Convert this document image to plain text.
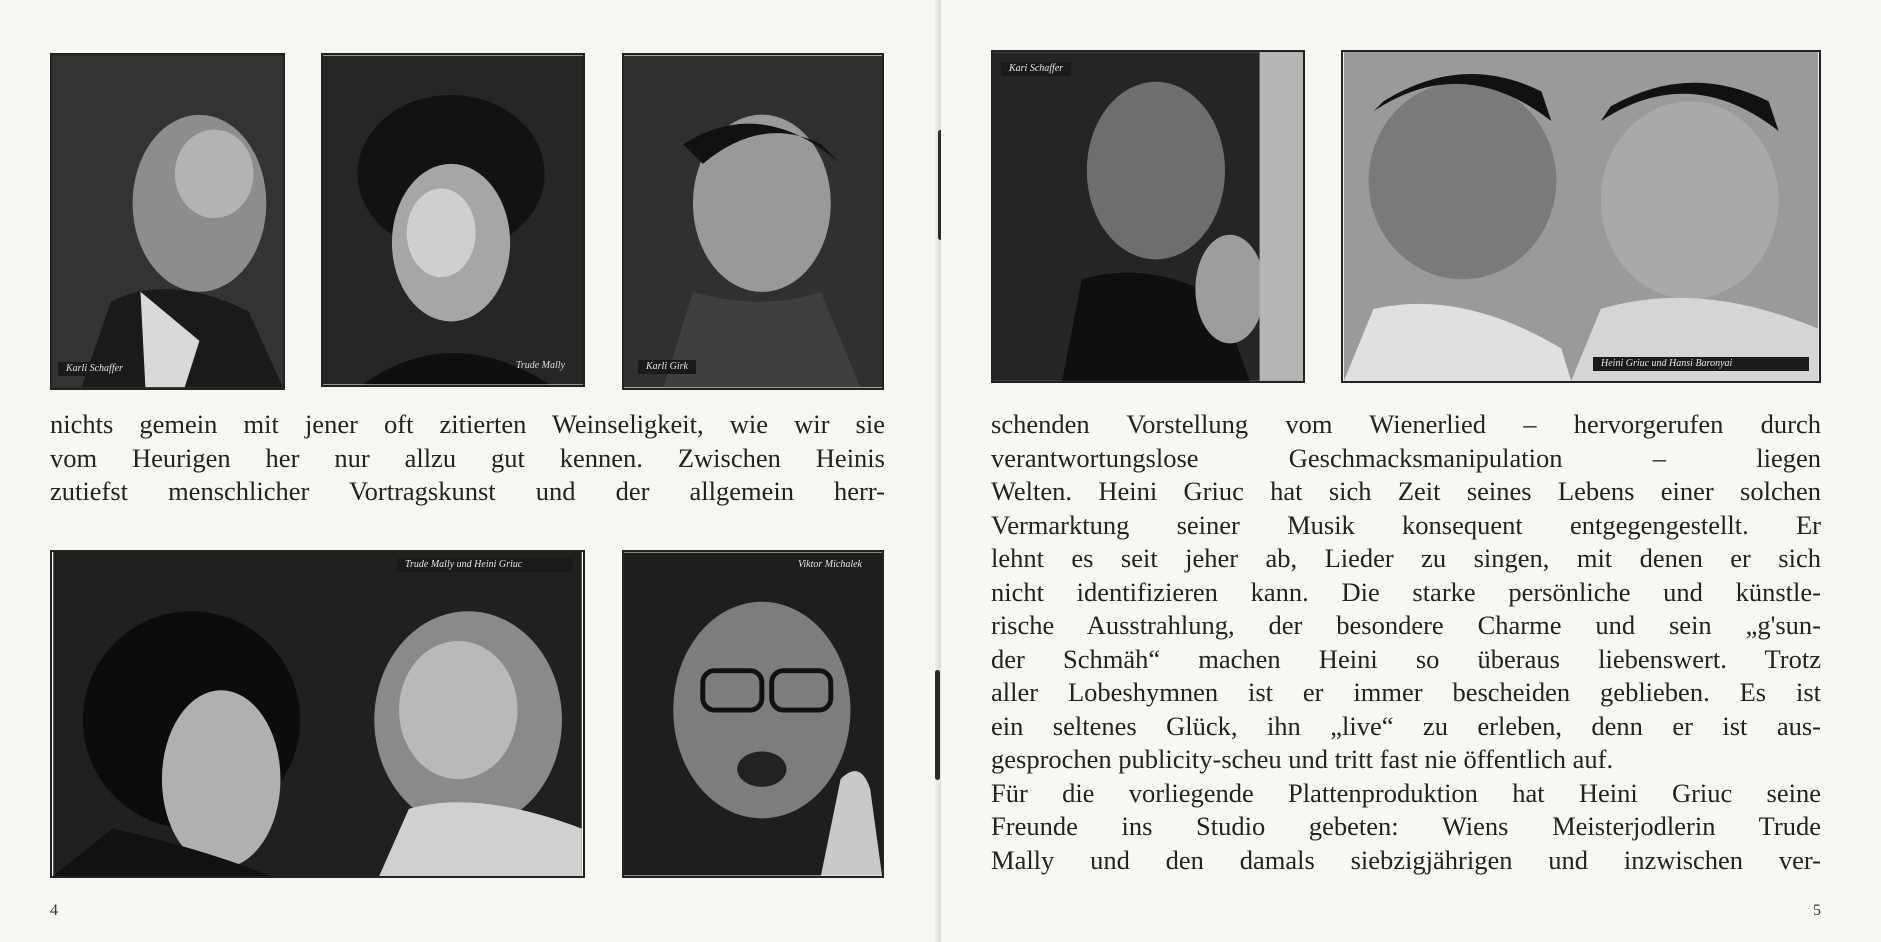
Karli Schaffer	Trude Mally	Karli Girk
nichts gemein mit jener oft zitierten Weinseligkeit, wie wir sie
vom Heurigen her nur allzu gut kennen. Zwischen Heinis
zutiefst menschlicher Vortragskunst und der allgemein herr-
Trude Mally und Heini Griuc	Viktor Michalek
4
Kari Schaffer
Heini Griuc und Hansi Baronyai
schenden Vorstellung vom Wienerlied – hervorgerufen durch
verantwortungslose Geschmacksmanipulation – liegen
Welten. Heini Griuc hat sich Zeit seines Lebens einer solchen
Vermarktung seiner Musik konsequent entgegengestellt. Er
lehnt es seit jeher ab, Lieder zu singen, mit denen er sich
nicht identifizieren kann. Die starke persönliche und künstle-
rische Ausstrahlung, der besondere Charme und sein „g'sun-
der Schmäh“ machen Heini so überaus liebenswert. Trotz
aller Lobeshymnen ist er immer bescheiden geblieben. Es ist
ein seltenes Glück, ihn „live“ zu erleben, denn er ist aus-
gesprochen publicity-scheu und tritt fast nie öffentlich auf.
Für die vorliegende Plattenproduktion hat Heini Griuc seine
Freunde ins Studio gebeten: Wiens Meisterjodlerin Trude
Mally und den damals siebzigjährigen und inzwischen ver-
5
